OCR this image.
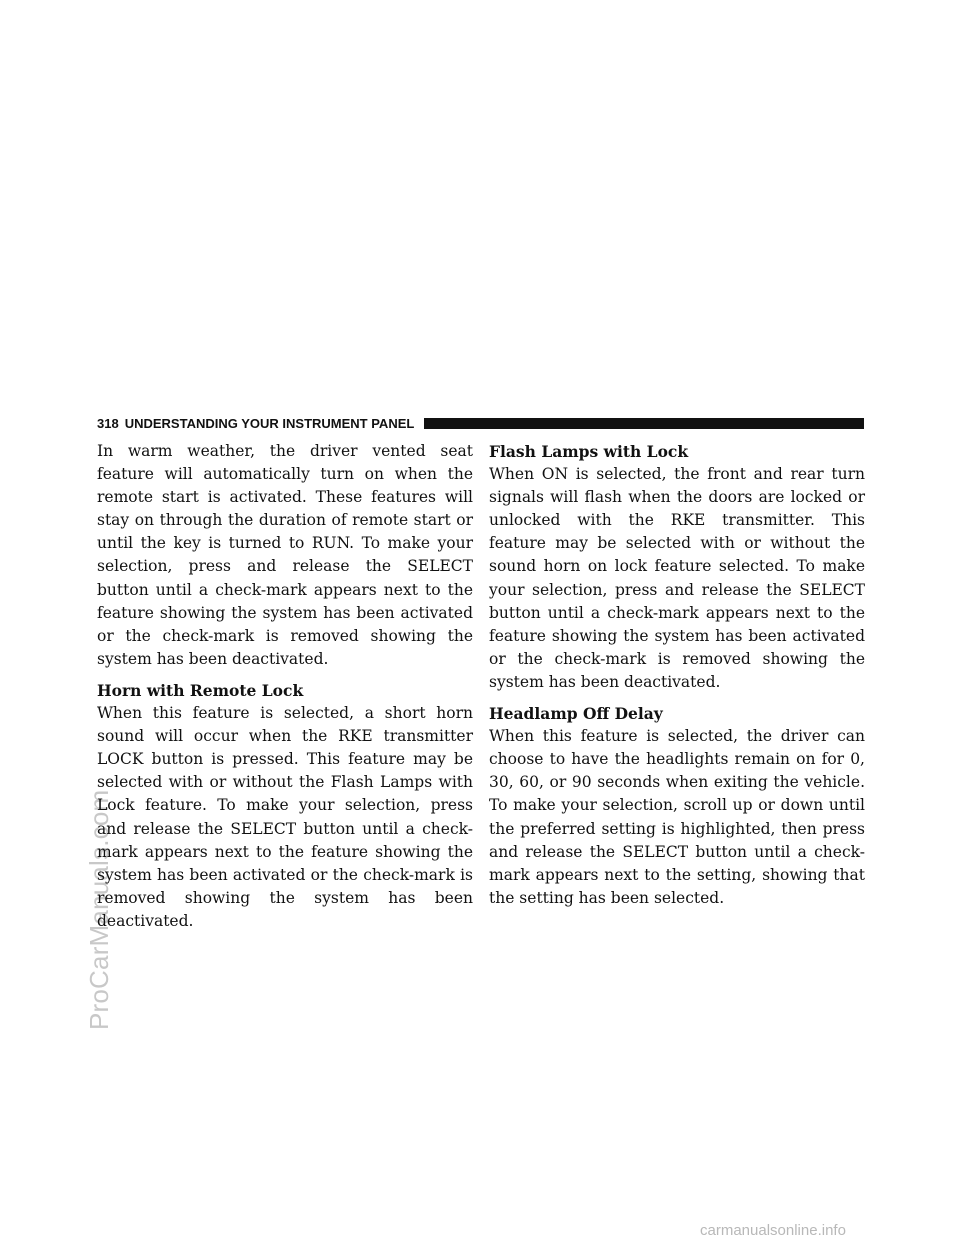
ProCarManuals.com
318 UNDERSTANDING YOUR INSTRUMENT PANEL

In warm weather, the driver vented seat feature will automatically turn on when the remote start is activated. These features will stay on through the duration of remote start or until the key is turned to RUN. To make your selection, press and release the SELECT button until a check-mark appears next to the feature showing the system has been activated or the check-mark is removed showing the system has been deactivated.

Horn with Remote Lock

When this feature is selected, a short horn sound will occur when the RKE transmitter LOCK button is pressed. This feature may be selected with or without the Flash Lamps with Lock feature. To make your selection, press and release the SELECT button until a check-mark appears next to the feature showing the system has been activated or the check-mark is removed showing the system has been deactivated.

Flash Lamps with Lock

When ON is selected, the front and rear turn signals will flash when the doors are locked or unlocked with the RKE transmitter. This feature may be selected with or without the sound horn on lock feature selected. To make your selection, press and release the SELECT button until a check-mark appears next to the feature showing the system has been activated or the check-mark is removed showing the system has been deactivated.

Headlamp Off Delay

When this feature is selected, the driver can choose to have the headlights remain on for 0, 30, 60, or 90 seconds when exiting the vehicle. To make your selection, scroll up or down until the preferred setting is highlighted, then press and release the SELECT button until a check-mark appears next to the setting, showing that the setting has been selected.

carmanualsonline.info
